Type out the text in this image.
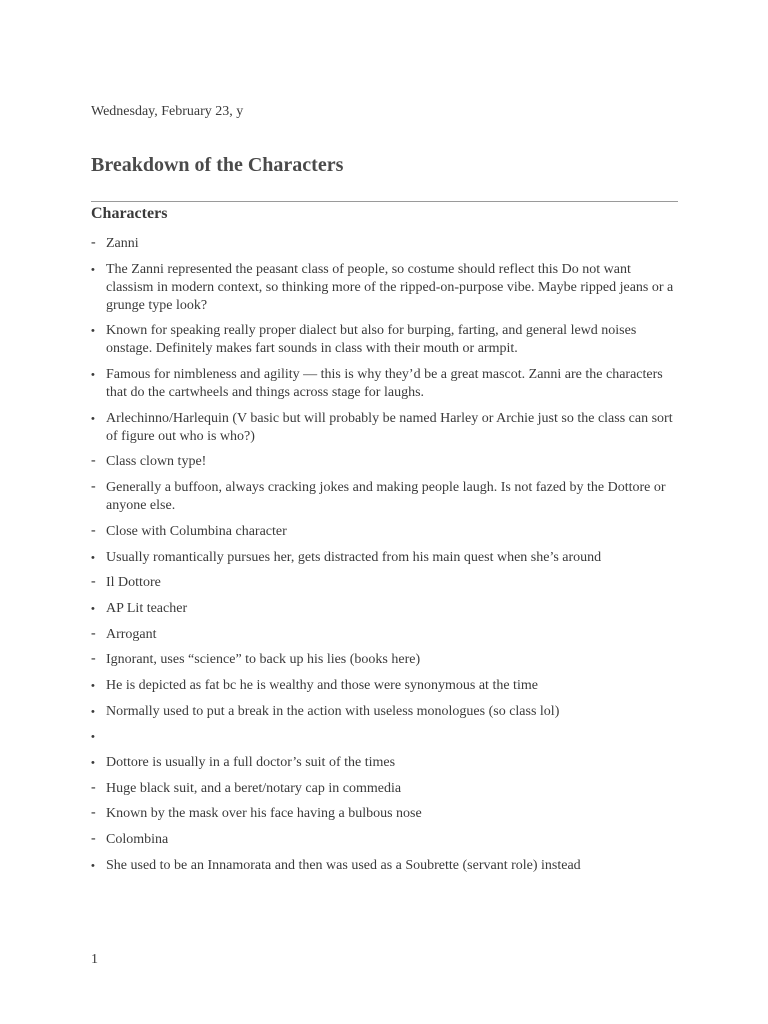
Wednesday, February 23, y
Breakdown of the Characters
Characters
- Zanni
• The Zanni represented the peasant class of people, so costume should reflect this Do not want classism in modern context, so thinking more of the ripped-on-purpose vibe. Maybe ripped jeans or a grunge type look?
• Known for speaking really proper dialect but also for burping, farting, and general lewd noises onstage. Definitely makes fart sounds in class with their mouth or armpit.
• Famous for nimbleness and agility — this is why they’d be a great mascot. Zanni are the characters that do the cartwheels and things across stage for laughs.
• Arlechinno/Harlequin (V basic but will probably be named Harley or Archie just so the class can sort of figure out who is who?)
- Class clown type!
- Generally a buffoon, always cracking jokes and making people laugh. Is not fazed by the Dottore or anyone else.
- Close with Columbina character
• Usually romantically pursues her, gets distracted from his main quest when she’s around
- Il Dottore
• AP Lit teacher
- Arrogant
- Ignorant, uses “science” to back up his lies (books here)
• He is depicted as fat bc he is wealthy and those were synonymous at the time
• Normally used to put a break in the action with useless monologues (so class lol)
•

• Dottore is usually in a full doctor’s suit of the times
- Huge black suit, and a beret/notary cap in commedia
- Known by the mask over his face having a bulbous nose
- Colombina
• She used to be an Innamorata and then was used as a Soubrette (servant role) instead
1
